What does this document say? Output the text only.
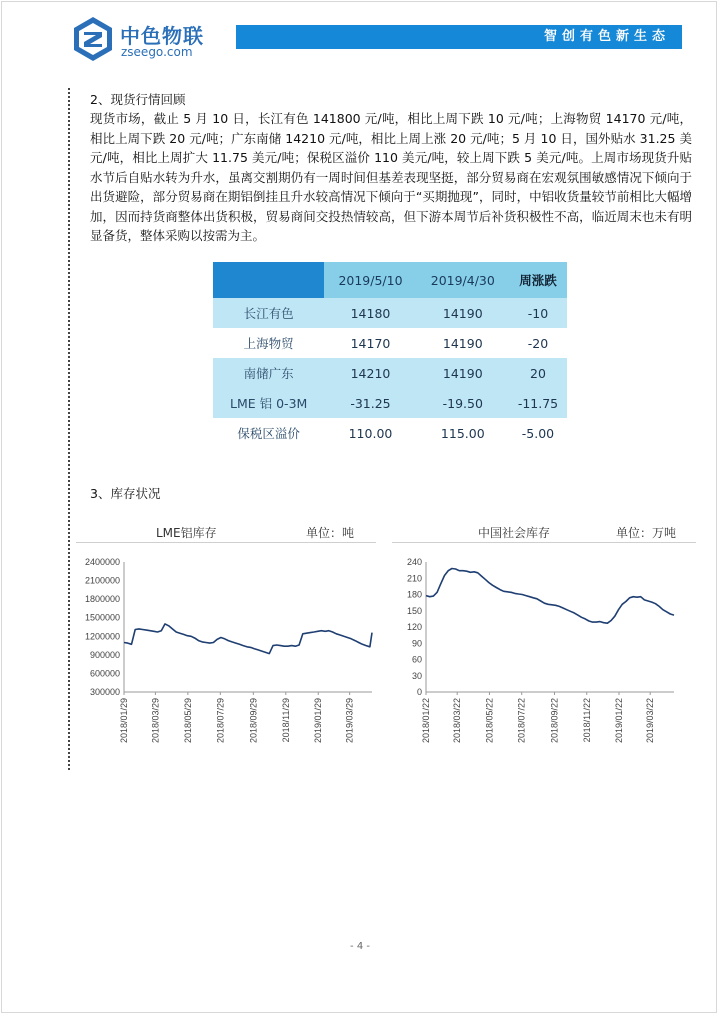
中色物联
zseego.com
智创有色新生态
2、现货行情回顾

现货市场，截止 5 月 10 日，长江有色 141800 元/吨，相比上周下跌 10 元/吨；上海物贸 14170 元/吨，相比上周下跌 20 元/吨；广东南储 14210 元/吨，相比上周上涨 20 元/吨；5 月 10 日，国外贴水 31.25 美元/吨，相比上周扩大 11.75 美元/吨；保税区溢价 110 美元/吨，较上周下跌 5 美元/吨。上周市场现货升贴水节后自贴水转为升水，虽离交割期仍有一周时间但基差表现坚挺，部分贸易商在宏观氛围敏感情况下倾向于出货避险，部分贸易商在期铝倒挂且升水较高情况下倾向于“买期抛现”，同时，中铝收货量较节前相比大幅增加，因而持货商整体出货积极，贸易商间交投热情较高，但下游本周节后补货积极性不高，临近周末也未有明显备货，整体采购以按需为主。

	2019/5/10	2019/4/30	周涨跌
长江有色	14180	14190	-10
上海物贸	14170	14190	-20
南储广东	14210	14190	20
LME 铝 0-3M	-31.25	-19.50	-11.75
保税区溢价	110.00	115.00	-5.00
3、库存状况
LME铝库存	单位：吨
2400000
2100000
1800000
1500000
1200000
900000
600000
300000
2018/01/29 2018/03/29 2018/05/29 2018/07/29	2018/09/29 2018/11/29 2019/01/29 2019/03/29
中国社会库存	单位：万吨
240
210
180
150
120
90
60
30
0
2018/01/22 2018/03/22 2018/05/22 2018/07/22	2018/09/22 2018/11/22 2019/01/22 2019/03/22
- 4 -
